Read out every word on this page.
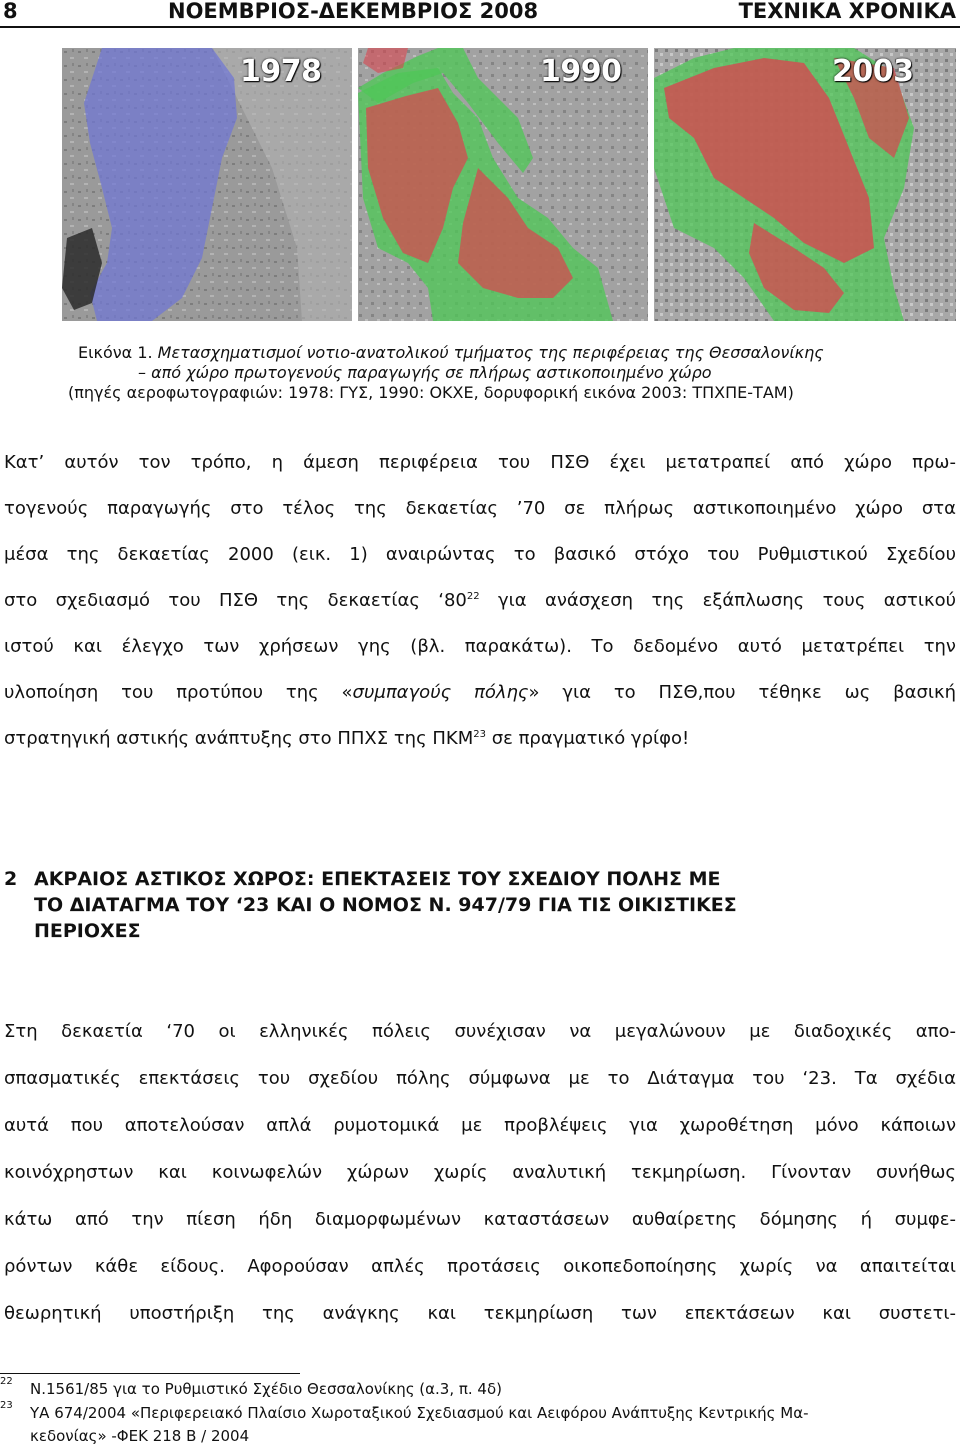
8	ΝΟΕΜΒΡΙΟΣ-ΔΕΚΕΜΒΡΙΟΣ 2008	ΤΕΧΝΙΚΑ ΧΡΟΝΙΚΑ
1978	1990	2003
Εικόνα 1. Μετασχηματισμοί νοτιο-ανατολικού τμήματος της περιφέρειας της Θεσσαλονίκης
– από χώρο πρωτογενούς παραγωγής σε πλήρως αστικοποιημένο χώρο
(πηγές αεροφωτογραφιών: 1978: ΓΥΣ, 1990: ΟΚΧΕ, δορυφορική εικόνα 2003: ΤΠΧΠΕ-ΤΑΜ)
Κατ’ αυτόν τον τρόπο, η άμεση περιφέρεια του ΠΣΘ έχει μετατραπεί από χώρο πρω-
τογενούς παραγωγής στο τέλος της δεκαετίας ’70 σε πλήρως αστικοποιημένο χώρο στα
μέσα της δεκαετίας 2000 (εικ. 1) αναιρώντας το βασικό στόχο του Ρυθμιστικού Σχεδίου
στο σχεδιασμό του ΠΣΘ της δεκαετίας ‘$80^{22}$ για ανάσχεση της εξάπλωσης τους αστικού
ιστού και έλεγχο των χρήσεων γης (βλ. παρακάτω). Το δεδομένο αυτό μετατρέπει την
υλοποίηση του προτύπου της «συμπαγούς πόλης» για το ΠΣΘ,που τέθηκε ως βασική
στρατηγική αστικής ανάπτυξης στο ΠΠΧΣ της ΠΚΜ$^{23}$ σε πραγματικό γρίφο!
2 ΑΚΡΑΙΟΣ ΑΣΤΙΚΟΣ ΧΩΡΟΣ: ΕΠΕΚΤΑΣΕΙΣ ΤΟΥ ΣΧΕΔΙΟΥ ΠΟΛΗΣ ΜΕ
ΤΟ ΔΙΑΤΑΓΜΑ ΤΟΥ ‘23 ΚΑΙ Ο ΝΟΜΟΣ Ν. 947/79 ΓΙΑ ΤΙΣ ΟΙΚΙΣΤΙΚΕΣ
ΠΕΡΙΟΧΕΣ
Στη δεκαετία ‘70 οι ελληνικές πόλεις συνέχισαν να μεγαλώνουν με διαδοχικές απο-
σπασματικές επεκτάσεις του σχεδίου πόλης σύμφωνα με το Διάταγμα του ‘23. Τα σχέδια
αυτά που αποτελούσαν απλά ρυμοτομικά με προβλέψεις για χωροθέτηση μόνο κάποιων
κοινόχρηστων και κοινωφελών χώρων χωρίς αναλυτική τεκμηρίωση. Γίνονταν συνήθως
κάτω από την πίεση ήδη διαμορφωμένων καταστάσεων αυθαίρετης δόμησης ή συμφε-
ρόντων κάθε είδους. Αφορούσαν απλές προτάσεις οικοπεδοποίησης χωρίς να απαιτείται
θεωρητική υποστήριξη της ανάγκης και τεκμηρίωση των επεκτάσεων και συστετι-
22 Ν.1561/85 για το Ρυθμιστικό Σχέδιο Θεσσαλονίκης (α.3, π. 4δ)
23 ΥΑ 674/2004 «Περιφερειακό Πλαίσιο Χωροταξικού Σχεδιασμού και Αειφόρου Ανάπτυξης Κεντρικής Μα-
κεδονίας» -ΦΕΚ 218 Β / 2004
